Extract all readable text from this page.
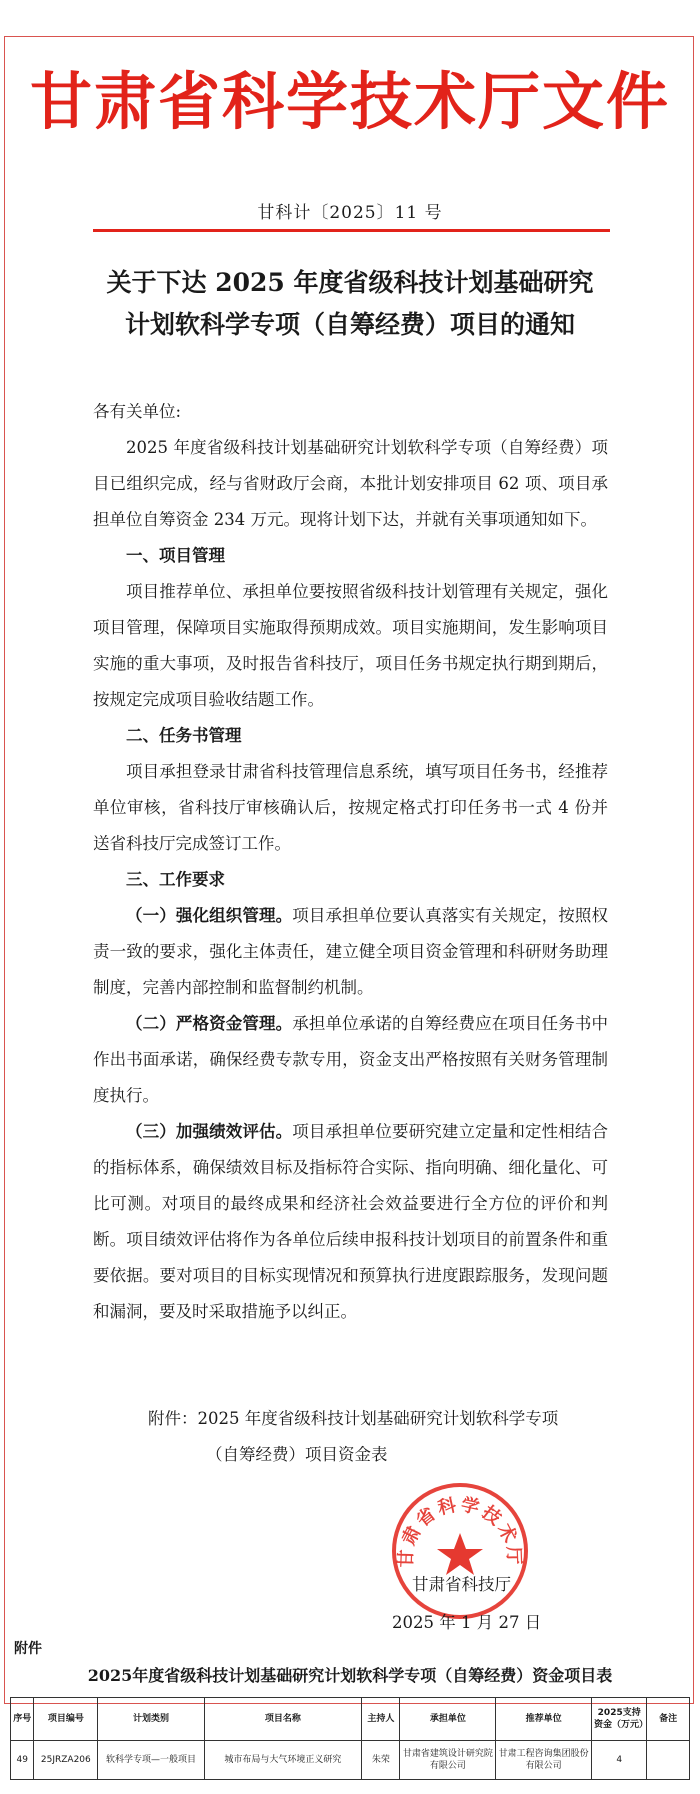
甘肃省科学技术厅文件
甘科计〔2025〕11 号
关于下达 2025 年度省级科技计划基础研究
计划软科学专项（自筹经费）项目的通知

各有关单位:

2025 年度省级科技计划基础研究计划软科学专项（自筹经费）项目已组织完成，经与省财政厅会商，本批计划安排项目 62 项、项目承担单位自筹资金 234 万元。现将计划下达，并就有关事项通知如下。

一、项目管理

项目推荐单位、承担单位要按照省级科技计划管理有关规定，强化项目管理，保障项目实施取得预期成效。项目实施期间，发生影响项目实施的重大事项，及时报告省科技厅，项目任务书规定执行期到期后，按规定完成项目验收结题工作。

二、任务书管理

项目承担登录甘肃省科技管理信息系统，填写项目任务书，经推荐单位审核，省科技厅审核确认后，按规定格式打印任务书一式 4 份并送省科技厅完成签订工作。

三、工作要求

（一）强化组织管理。项目承担单位要认真落实有关规定，按照权责一致的要求，强化主体责任，建立健全项目资金管理和科研财务助理制度，完善内部控制和监督制约机制。

（二）严格资金管理。承担单位承诺的自筹经费应在项目任务书中作出书面承诺，确保经费专款专用，资金支出严格按照有关财务管理制度执行。

（三）加强绩效评估。项目承担单位要研究建立定量和定性相结合的指标体系，确保绩效目标及指标符合实际、指向明确、细化量化、可比可测。对项目的最终成果和经济社会效益要进行全方位的评价和判断。项目绩效评估将作为各单位后续申报科技计划项目的前置条件和重要依据。要对项目的目标实现情况和预算执行进度跟踪服务，发现问题和漏洞，要及时采取措施予以纠正。

附件：2025 年度省级科技计划基础研究计划软科学专项
（自筹经费）项目资金表
甘肃省科学技术厅
甘肃省科技厅
2025 年 1 月 27 日
附件
2025年度省级科技计划基础研究计划软科学专项（自筹经费）资金项目表
序号	项目编号	计划类别	项目名称	主持人	承担单位	推荐单位	2025支持资金（万元）	备注
49	25JRZA206	软科学专项—一般项目	城市布局与大气环境正义研究	朱荣	甘肃省建筑设计研究院有限公司	甘肃工程咨询集团股份有限公司	4	
